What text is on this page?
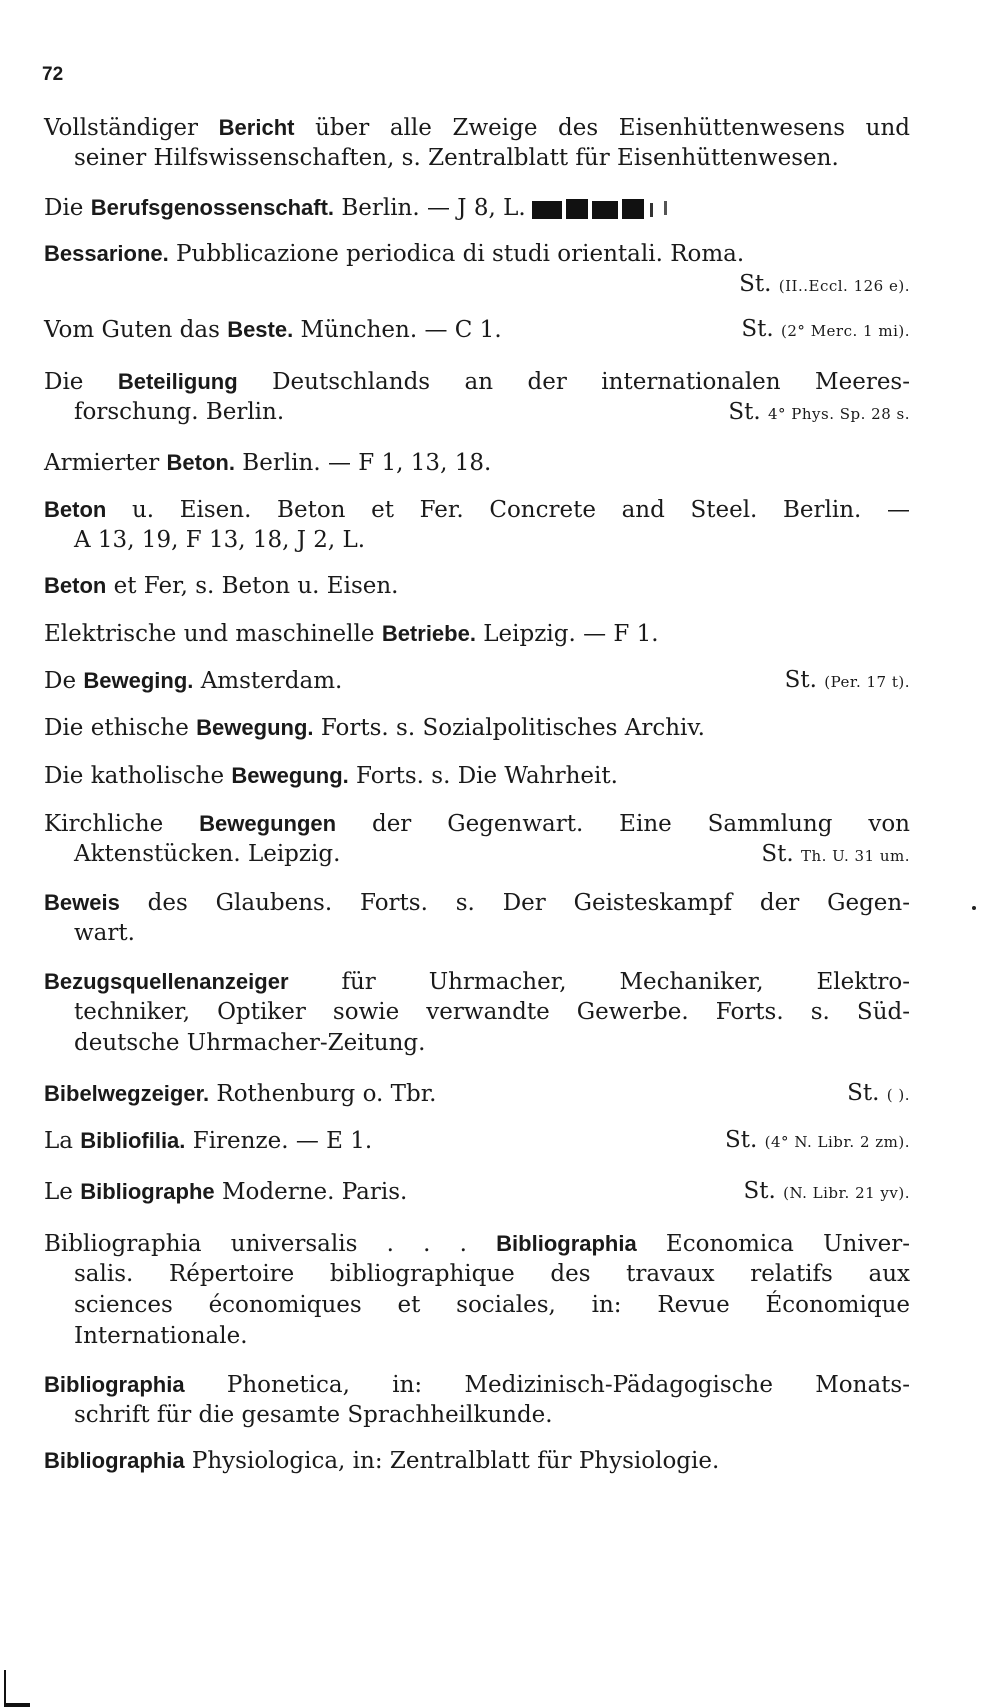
72
Vollständiger Bericht über alle Zweige des Eisenhüttenwesens und
seiner Hilfswissenschaften, s. Zentralblatt für Eisenhüttenwesen.
Die Berufsgenossenschaft. Berlin. — J 8, L.
Bessarione. Pubblicazione periodica di studi orientali. Roma.
St. (II..Eccl. 126 e).
Vom Guten das Beste. München. — C 1.	St. (2° Merc. 1 mi).
Die Beteiligung Deutschlands an der internationalen Meeres-
forschung. Berlin.	St. 4° Phys. Sp. 28 s.
Armierter Beton. Berlin. — F 1, 13, 18.
Beton u. Eisen. Beton et Fer. Concrete and Steel. Berlin. —
A 13, 19, F 13, 18, J 2, L.
Beton et Fer, s. Beton u. Eisen.
Elektrische und maschinelle Betriebe. Leipzig. — F 1.
De Beweging. Amsterdam.	St. (Per. 17 t).
Die ethische Bewegung. Forts. s. Sozialpolitisches Archiv.
Die katholische Bewegung. Forts. s. Die Wahrheit.
Kirchliche Bewegungen der Gegenwart. Eine Sammlung von
Aktenstücken. Leipzig.	St. Th. U. 31 um.
Beweis des Glaubens. Forts. s. Der Geisteskampf der Gegen-
wart.
Bezugsquellenanzeiger für Uhrmacher, Mechaniker, Elektro-
techniker, Optiker sowie verwandte Gewerbe. Forts. s. Süd-
deutsche Uhrmacher-Zeitung.
Bibelwegzeiger. Rothenburg o. Tbr.	St. ( ).
La Bibliofilia. Firenze. — E 1.	St. (4° N. Libr. 2 zm).
Le Bibliographe Moderne. Paris.	St. (N. Libr. 21 yv).
Bibliographia universalis . . . Bibliographia Economica Univer-
salis. Répertoire bibliographique des travaux relatifs aux
sciences économiques et sociales, in: Revue Économique
Internationale.
Bibliographia Phonetica, in: Medizinisch-Pädagogische Monats-
schrift für die gesamte Sprachheilkunde.
Bibliographia Physiologica, in: Zentralblatt für Physiologie.
